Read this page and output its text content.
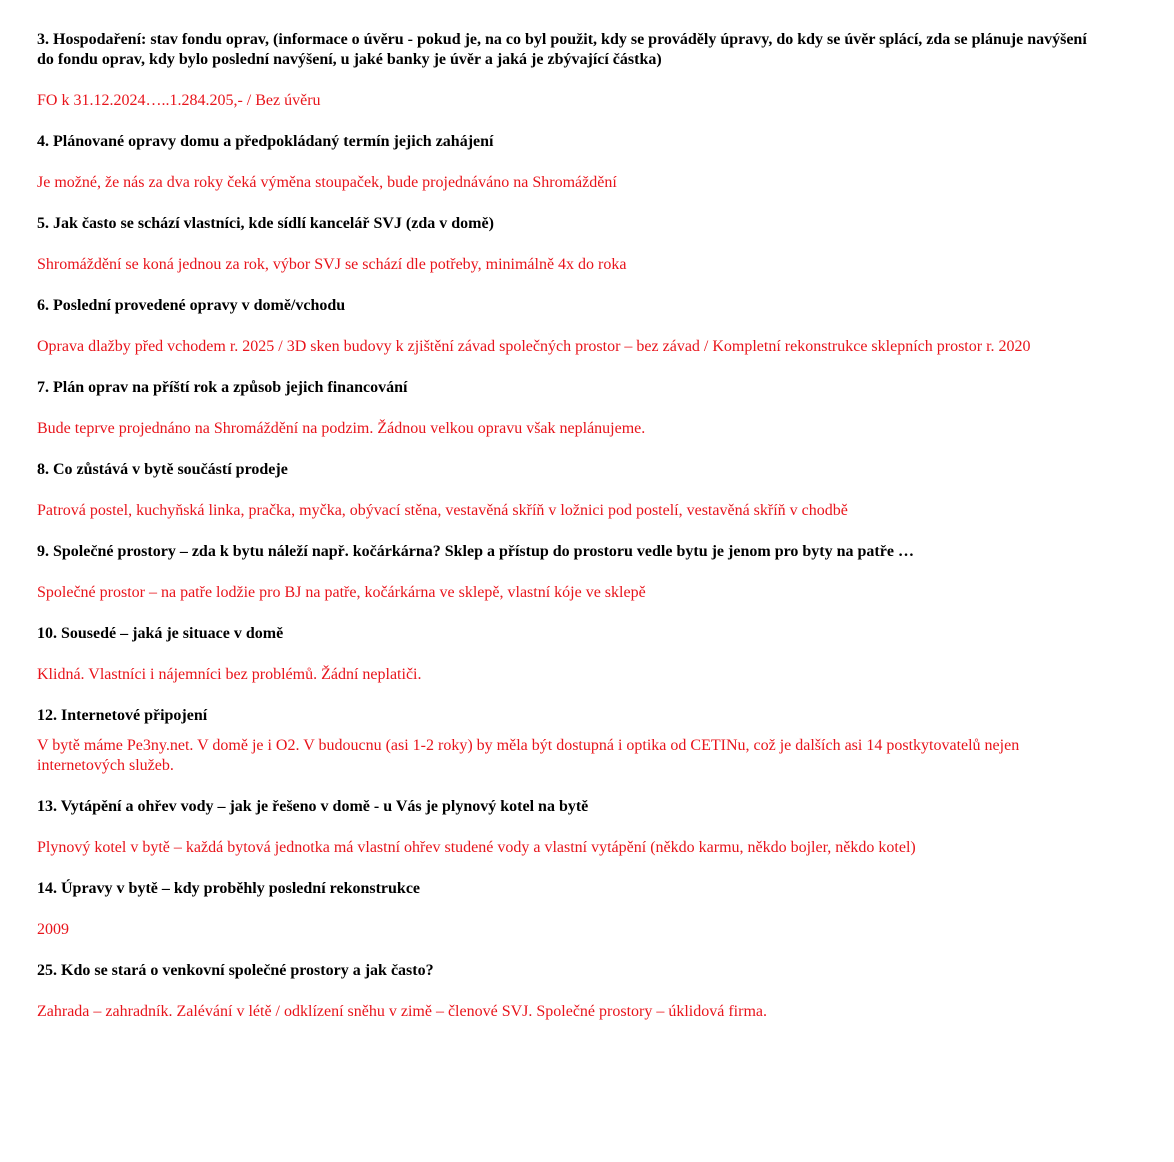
3. Hospodaření: stav fondu oprav, (informace o úvěru - pokud je, na co byl použit, kdy se prováděly úpravy, do kdy se úvěr splácí, zda se plánuje navýšení do fondu oprav, kdy bylo poslední navýšení, u jaké banky je úvěr a jaká je zbývající částka)

FO k 31.12.2024…..1.284.205,- / Bez úvěru

4. Plánované opravy domu a předpokládaný termín jejich zahájení

Je možné, že nás za dva roky čeká výměna stoupaček, bude projednáváno na Shromáždění

5. Jak často se schází vlastníci, kde sídlí kancelář SVJ (zda v domě)

Shromáždění se koná jednou za rok, výbor SVJ se schází dle potřeby, minimálně 4x do roka

6. Poslední provedené opravy v domě/vchodu

Oprava dlažby před vchodem r. 2025 / 3D sken budovy k zjištění závad společných prostor – bez závad / Kompletní rekonstrukce sklepních prostor r. 2020

7. Plán oprav na příští rok a způsob jejich financování

Bude teprve projednáno na Shromáždění na podzim. Žádnou velkou opravu však neplánujeme.

8. Co zůstává v bytě součástí prodeje

Patrová postel, kuchyňská linka, pračka, myčka, obývací stěna, vestavěná skříň v ložnici pod postelí, vestavěná skříň v chodbě

9. Společné prostory – zda k bytu náleží např. kočárkárna? Sklep a přístup do prostoru vedle bytu je jenom pro byty na patře …

Společné prostor – na patře lodžie pro BJ na patře, kočárkárna ve sklepě, vlastní kóje ve sklepě

10. Sousedé – jaká je situace v domě

Klidná. Vlastníci i nájemníci bez problémů. Žádní neplatiči.

12. Internetové připojení

V bytě máme Pe3ny.net. V domě je i O2. V budoucnu (asi 1-2 roky) by měla být dostupná i optika od CETINu, což je dalších asi 14 postkytovatelů nejen internetových služeb.

13. Vytápění a ohřev vody – jak je řešeno v domě - u Vás je plynový kotel na bytě

Plynový kotel v bytě – každá bytová jednotka má vlastní ohřev studené vody a vlastní vytápění (někdo karmu, někdo bojler, někdo kotel)

14. Úpravy v bytě – kdy proběhly poslední rekonstrukce

2009

25. Kdo se stará o venkovní společné prostory a jak často?

Zahrada – zahradník. Zalévání v létě / odklízení sněhu v zimě – členové SVJ. Společné prostory – úklidová firma.
